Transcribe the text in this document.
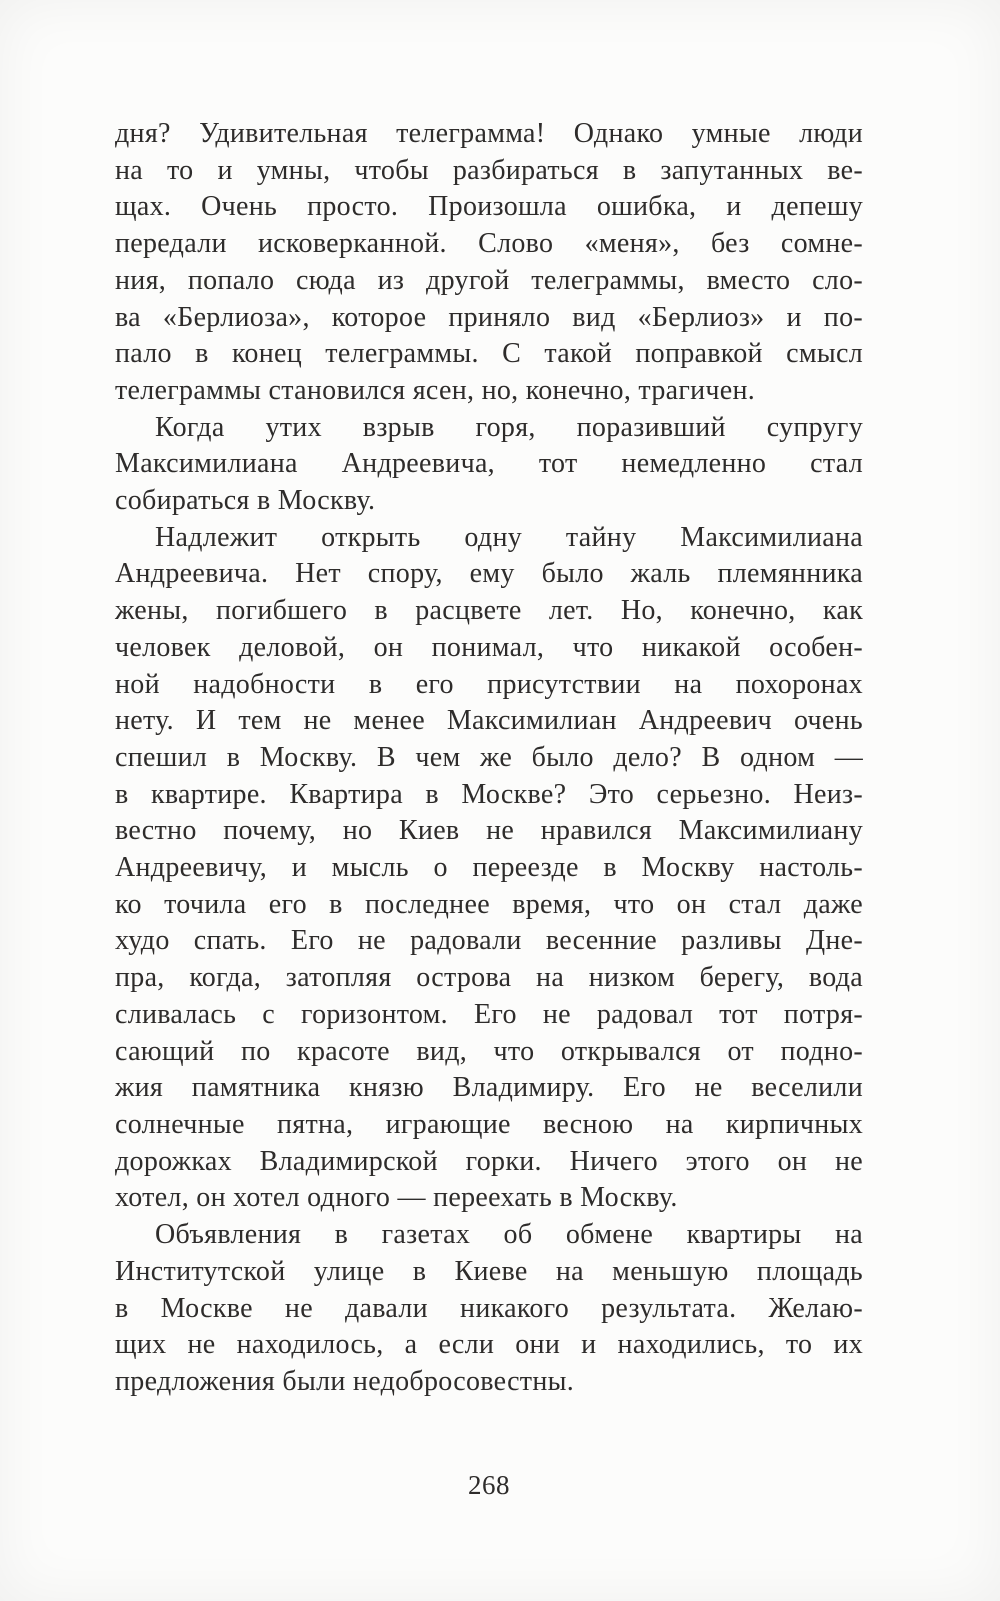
дня? Удивительная телеграмма! Однако умные люди
на то и умны, чтобы разбираться в запутанных ве-
щах. Очень просто. Произошла ошибка, и депешу
передали исковерканной. Слово «меня», без сомне-
ния, попало сюда из другой телеграммы, вместо сло-
ва «Берлиоза», которое приняло вид «Берлиоз» и по-
пало в конец телеграммы. С такой поправкой смысл
телеграммы становился ясен, но, конечно, трагичен.
Когда утих взрыв горя, поразивший супругу
Максимилиана Андреевича, тот немедленно стал
собираться в Москву.
Надлежит открыть одну тайну Максимилиана
Андреевича. Нет спору, ему было жаль племянника
жены, погибшего в расцвете лет. Но, конечно, как
человек деловой, он понимал, что никакой особен-
ной надобности в его присутствии на похоронах
нету. И тем не менее Максимилиан Андреевич очень
спешил в Москву. В чем же было дело? В одном —
в квартире. Квартира в Москве? Это серьезно. Неиз-
вестно почему, но Киев не нравился Максимилиану
Андреевичу, и мысль о переезде в Москву настоль-
ко точила его в последнее время, что он стал даже
худо спать. Его не радовали весенние разливы Дне-
пра, когда, затопляя острова на низком берегу, вода
сливалась с горизонтом. Его не радовал тот потря-
сающий по красоте вид, что открывался от подно-
жия памятника князю Владимиру. Его не веселили
солнечные пятна, играющие весною на кирпичных
дорожках Владимирской горки. Ничего этого он не
хотел, он хотел одного — переехать в Москву.
Объявления в газетах об обмене квартиры на
Институтской улице в Киеве на меньшую площадь
в Москве не давали никакого результата. Желаю-
щих не находилось, а если они и находились, то их
предложения были недобросовестны.
268
